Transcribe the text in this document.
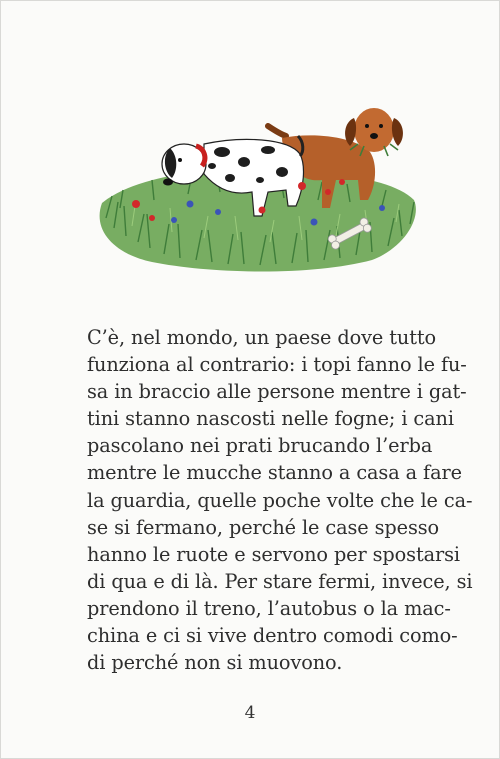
C’è, nel mondo, un paese dove tutto
funziona al contrario: i topi fanno le fu-
sa in braccio alle persone mentre i gat-
tini stanno nascosti nelle fogne; i cani
pascolano nei prati brucando l’erba
mentre le mucche stanno a casa a fare
la guardia, quelle poche volte che le ca-
se si fermano, perché le case spesso
hanno le ruote e servono per spostarsi
di qua e di là. Per stare fermi, invece, si
prendono il treno, l’autobus o la mac-
china e ci si vive dentro comodi como-
di perché non si muovono.
4
